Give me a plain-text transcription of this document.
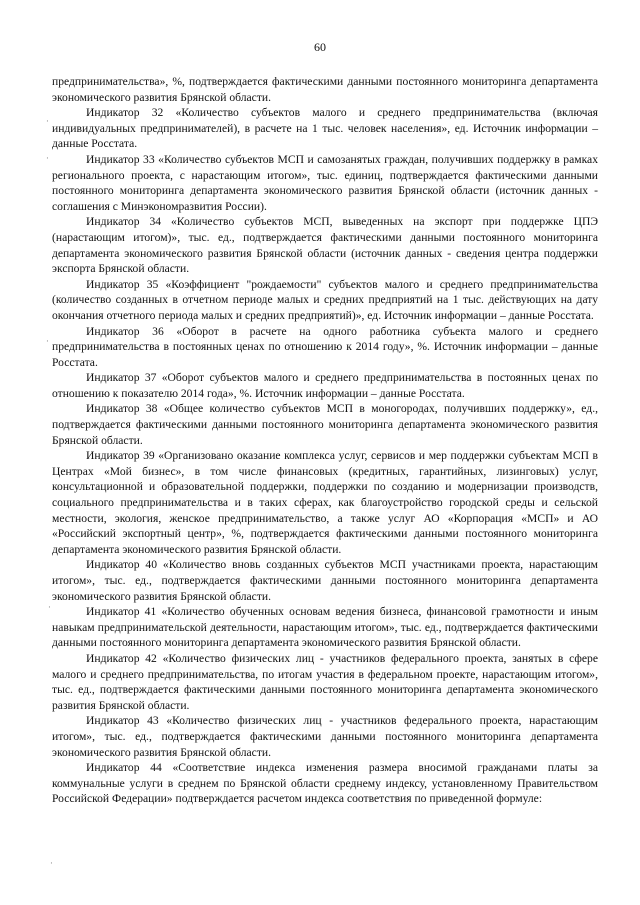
60
·
·
·
·
·

предпринимательства», %, подтверждается фактическими данными постоянного мониторинга департамента экономического развития Брянской области.

Индикатор 32 «Количество субъектов малого и среднего предпринимательства (включая индивидуальных предпринимателей), в расчете на 1 тыс. человек населения», ед. Источник информации – данные Росстата.

Индикатор 33 «Количество субъектов МСП и самозанятых граждан, получивших поддержку в рамках регионального проекта, с нарастающим итогом», тыс. единиц, подтверждается фактическими данными постоянного мониторинга департамента экономического развития Брянской области (источник данных - соглашения с Минэкономразвития России).

Индикатор 34 «Количество субъектов МСП, выведенных на экспорт при поддержке ЦПЭ (нарастающим итогом)», тыс. ед., подтверждается фактическими данными постоянного мониторинга департамента экономического развития Брянской области (источник данных - сведения центра поддержки экспорта Брянской области.

Индикатор 35 «Коэффициент "рождаемости" субъектов малого и среднего предпринимательства (количество созданных в отчетном периоде малых и средних предприятий на 1 тыс. действующих на дату окончания отчетного периода малых и средних предприятий)», ед. Источник информации – данные Росстата.

Индикатор 36 «Оборот в расчете на одного работника субъекта малого и среднего предпринимательства в постоянных ценах по отношению к 2014 году», %. Источник информации – данные Росстата.

Индикатор 37 «Оборот субъектов малого и среднего предпринимательства в постоянных ценах по отношению к показателю 2014 года», %. Источник информации – данные Росстата.

Индикатор 38 «Общее количество субъектов МСП в моногородах, получивших поддержку», ед., подтверждается фактическими данными постоянного мониторинга департамента экономического развития Брянской области.

Индикатор 39 «Организовано оказание комплекса услуг, сервисов и мер поддержки субъектам МСП в Центрах «Мой бизнес», в том числе финансовых (кредитных, гарантийных, лизинговых) услуг, консультационной и образовательной поддержки, поддержки по созданию и модернизации производств, социального предпринимательства и в таких сферах, как благоустройство городской среды и сельской местности, экология, женское предпринимательство, а также услуг АО «Корпорация «МСП» и АО «Российский экспортный центр», %, подтверждается фактическими данными постоянного мониторинга департамента экономического развития Брянской области.

Индикатор 40 «Количество вновь созданных субъектов МСП участниками проекта, нарастающим итогом», тыс. ед., подтверждается фактическими данными постоянного мониторинга департамента экономического развития Брянской области.

Индикатор 41 «Количество обученных основам ведения бизнеса, финансовой грамотности и иным навыкам предпринимательской деятельности, нарастающим итогом», тыс. ед., подтверждается фактическими данными постоянного мониторинга департамента экономического развития Брянской области.

Индикатор 42 «Количество физических лиц - участников федерального проекта, занятых в сфере малого и среднего предпринимательства, по итогам участия в федеральном проекте, нарастающим итогом», тыс. ед., подтверждается фактическими данными постоянного мониторинга департамента экономического развития Брянской области.

Индикатор 43 «Количество физических лиц - участников федерального проекта, нарастающим итогом», тыс. ед., подтверждается фактическими данными постоянного мониторинга департамента экономического развития Брянской области.

Индикатор 44 «Соответствие индекса изменения размера вносимой гражданами платы за коммунальные услуги в среднем по Брянской области среднему индексу, установленному Правительством Российской Федерации» подтверждается расчетом индекса соответствия по приведенной формуле:
